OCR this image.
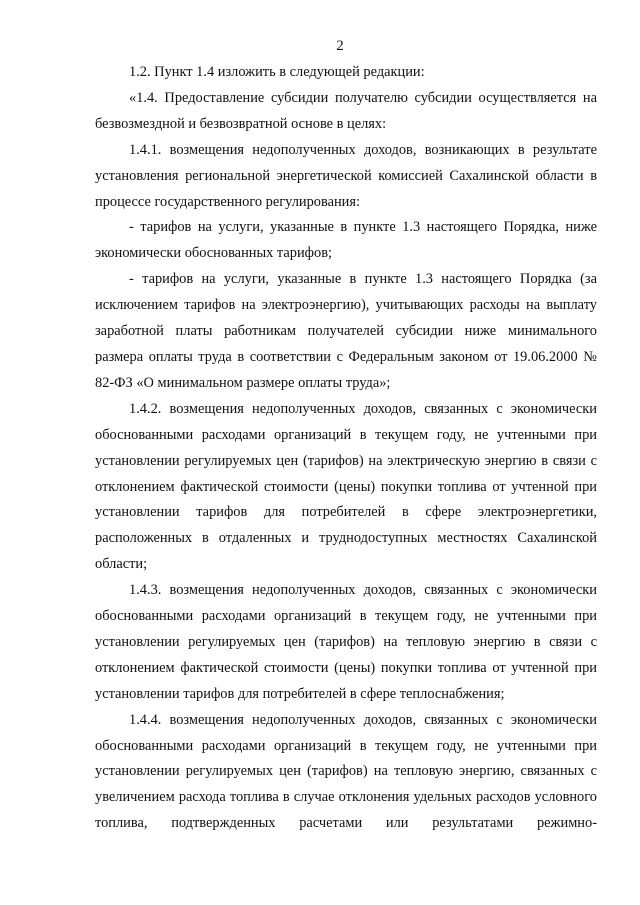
2

1.2. Пункт 1.4 изложить в следующей редакции:

«1.4. Предоставление субсидии получателю субсидии осуществляется на безвозмездной и безвозвратной основе в целях:

1.4.1. возмещения недополученных доходов, возникающих в результате установления региональной энергетической комиссией Сахалинской области в процессе государственного регулирования:

- тарифов на услуги, указанные в пункте 1.3 настоящего Порядка, ниже экономически обоснованных тарифов;

- тарифов на услуги, указанные в пункте 1.3 настоящего Порядка (за исключением тарифов на электроэнергию), учитывающих расходы на выплату заработной платы работникам получателей субсидии ниже минимального размера оплаты труда в соответствии с Федеральным законом от 19.06.2000 № 82-ФЗ «О минимальном размере оплаты труда»;

1.4.2. возмещения недополученных доходов, связанных с экономически обоснованными расходами организаций в текущем году, не учтенными при установлении регулируемых цен (тарифов) на электрическую энергию в связи с отклонением фактической стоимости (цены) покупки топлива от учтенной при установлении тарифов для потребителей в сфере электроэнергетики, расположенных в отдаленных и труднодоступных местностях Сахалинской области;

1.4.3. возмещения недополученных доходов, связанных с экономически обоснованными расходами организаций в текущем году, не учтенными при установлении регулируемых цен (тарифов) на тепловую энергию в связи с отклонением фактической стоимости (цены) покупки топлива от учтенной при установлении тарифов для потребителей в сфере теплоснабжения;

1.4.4. возмещения недополученных доходов, связанных с экономически обоснованными расходами организаций в текущем году, не учтенными при установлении регулируемых цен (тарифов) на тепловую энергию, связанных с увеличением расхода топлива в случае отклонения удельных расходов условного топлива, подтвержденных расчетами или результатами режимно-
